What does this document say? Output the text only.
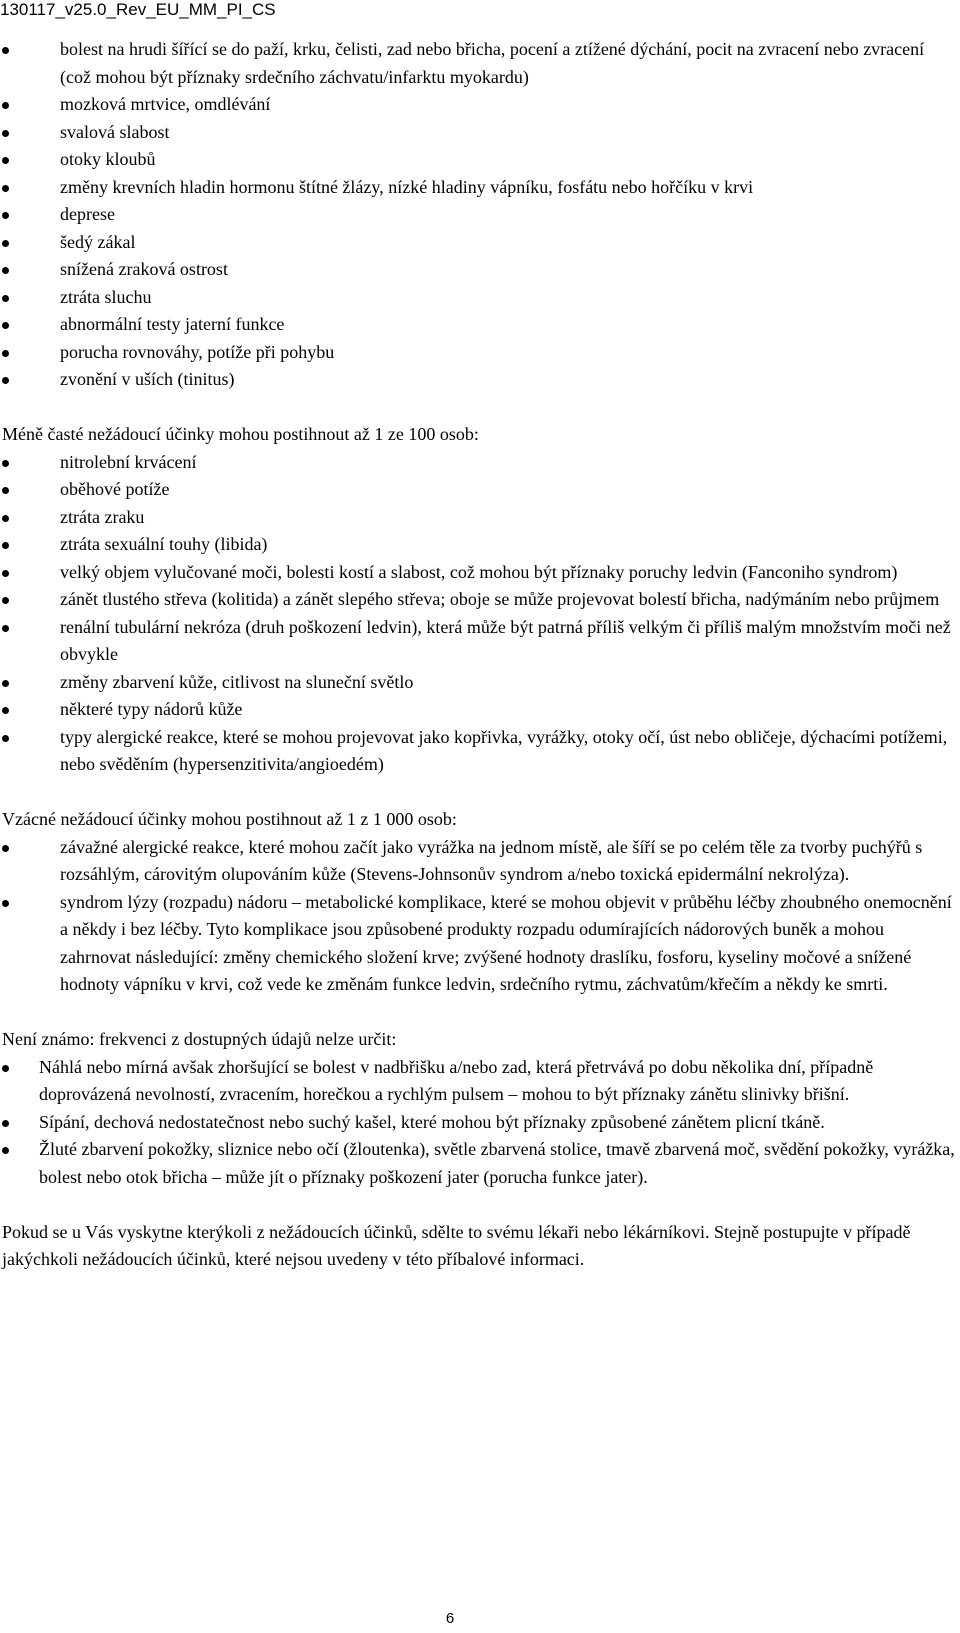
130117_v25.0_Rev_EU_MM_PI_CS
bolest na hrudi šířící se do paží, krku, čelisti, zad nebo břicha, pocení a ztížené dýchání, pocit na zvracení nebo zvracení (což mohou být příznaky srdečního záchvatu/infarktu myokardu)
mozková mrtvice, omdlévání
svalová slabost
otoky kloubů
změny krevních hladin hormonu štítné žlázy, nízké hladiny vápníku, fosfátu nebo hořčíku v krvi
deprese
šedý zákal
snížená zraková ostrost
ztráta sluchu
abnormální testy jaterní funkce
porucha rovnováhy, potíže při pohybu
zvonění v uších (tinitus)

Méně časté nežádoucí účinky mohou postihnout až 1 ze 100 osob:

nitrolební krvácení
oběhové potíže
ztráta zraku
ztráta sexuální touhy (libida)
velký objem vylučované moči, bolesti kostí a slabost, což mohou být příznaky poruchy ledvin (Fanconiho syndrom)
zánět tlustého střeva (kolitida) a zánět slepého střeva; oboje se může projevovat bolestí břicha, nadýmáním nebo průjmem
renální tubulární nekróza (druh poškození ledvin), která může být patrná příliš velkým či příliš malým množstvím moči než obvykle
změny zbarvení kůže, citlivost na sluneční světlo
některé typy nádorů kůže
typy alergické reakce, které se mohou projevovat jako kopřivka, vyrážky, otoky očí, úst nebo obličeje, dýchacími potížemi, nebo svěděním (hypersenzitivita/angioedém)

Vzácné nežádoucí účinky mohou postihnout až 1 z 1 000 osob:

závažné alergické reakce, které mohou začít jako vyrážka na jednom místě, ale šíří se po celém těle za tvorby puchýřů s rozsáhlým, cárovitým olupováním kůže (Stevens-Johnsonův syndrom a/nebo toxická epidermální nekrolýza).
syndrom lýzy (rozpadu) nádoru – metabolické komplikace, které se mohou objevit v průběhu léčby zhoubného onemocnění a někdy i bez léčby. Tyto komplikace jsou způsobené produkty rozpadu odumírajících nádorových buněk a mohou zahrnovat následující: změny chemického složení krve; zvýšené hodnoty draslíku, fosforu, kyseliny močové a snížené hodnoty vápníku v krvi, což vede ke změnám funkce ledvin, srdečního rytmu, záchvatům/křečím a někdy ke smrti.

Není známo: frekvenci z dostupných údajů nelze určit:

Náhlá nebo mírná avšak zhoršující se bolest v nadbřišku a/nebo zad, která přetrvává po dobu několika dní, případně doprovázená nevolností, zvracením, horečkou a rychlým pulsem – mohou to být příznaky zánětu slinivky břišní.
Sípání, dechová nedostatečnost nebo suchý kašel, které mohou být příznaky způsobené zánětem plicní tkáně.
Žluté zbarvení pokožky, sliznice nebo očí (žloutenka), světle zbarvená stolice, tmavě zbarvená moč, svědění pokožky, vyrážka, bolest nebo otok břicha – může jít o příznaky poškození jater (porucha funkce jater).

Pokud se u Vás vyskytne kterýkoli z nežádoucích účinků, sdělte to svému lékaři nebo lékárníkovi. Stejně postupujte v případě jakýchkoli nežádoucích účinků, které nejsou uvedeny v této příbalové informaci.

6
